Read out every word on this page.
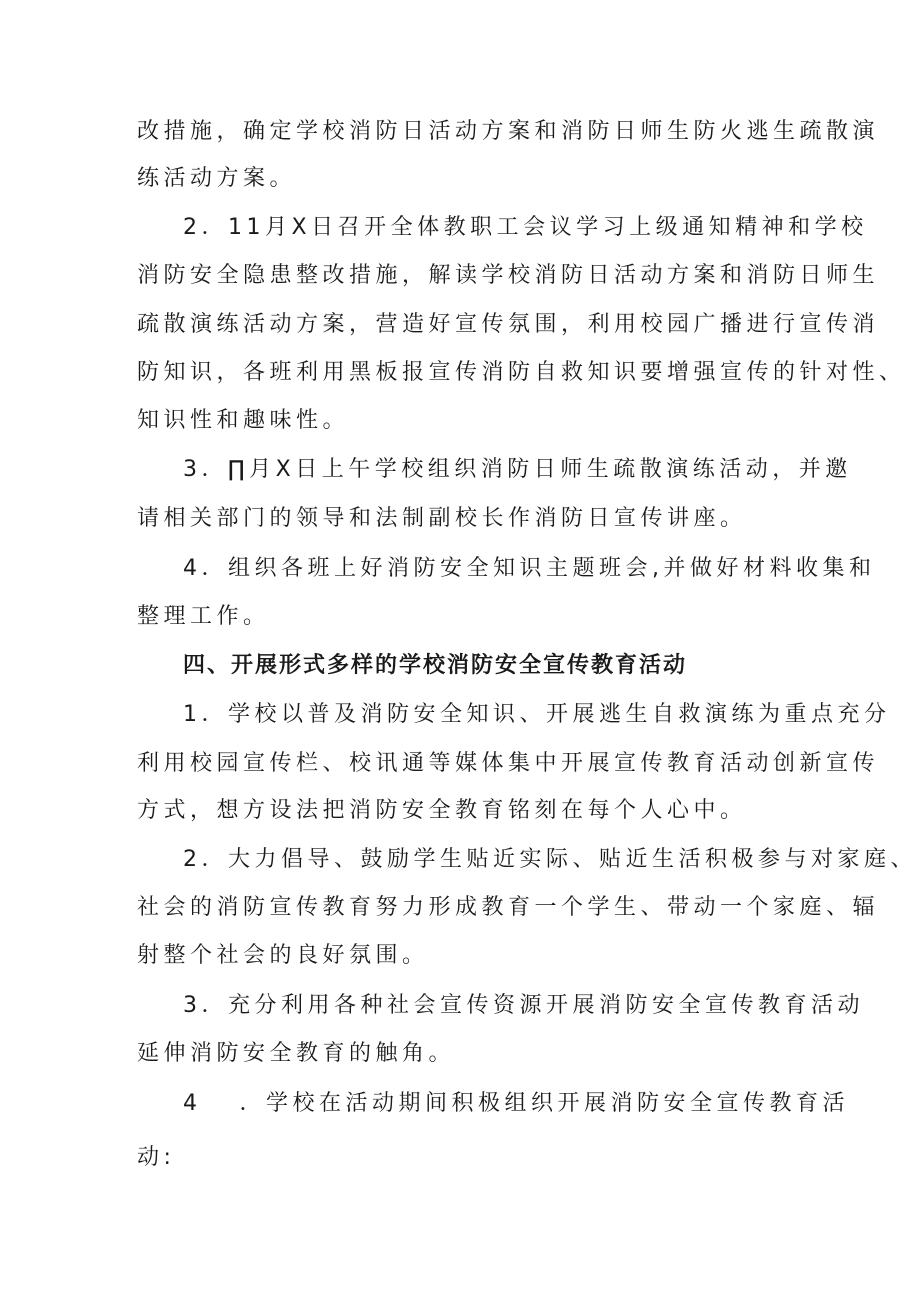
改措施，确定学校消防日活动方案和消防日师生防火逃生疏散演
练活动方案。
2．11月X日召开全体教职工会议学习上级通知精神和学校
消防安全隐患整改措施，解读学校消防日活动方案和消防日师生
疏散演练活动方案，营造好宣传氛围，利用校园广播进行宣传消
防知识，各班利用黑板报宣传消防自救知识要增强宣传的针对性、
知识性和趣味性。
3．∏月X日上午学校组织消防日师生疏散演练活动，并邀
请相关部门的领导和法制副校长作消防日宣传讲座。
4．组织各班上好消防安全知识主题班会,并做好材料收集和
整理工作。
四、开展形式多样的学校消防安全宣传教育活动
1．学校以普及消防安全知识、开展逃生自救演练为重点充分
利用校园宣传栏、校讯通等媒体集中开展宣传教育活动创新宣传
方式，想方设法把消防安全教育铭刻在每个人心中。
2．大力倡导、鼓励学生贴近实际、贴近生活积极参与对家庭、
社会的消防宣传教育努力形成教育一个学生、带动一个家庭、辐
射整个社会的良好氛围。
3．充分利用各种社会宣传资源开展消防安全宣传教育活动
延伸消防安全教育的触角。
4 ．学校在活动期间积极组织开展消防安全宣传教育活
动:
